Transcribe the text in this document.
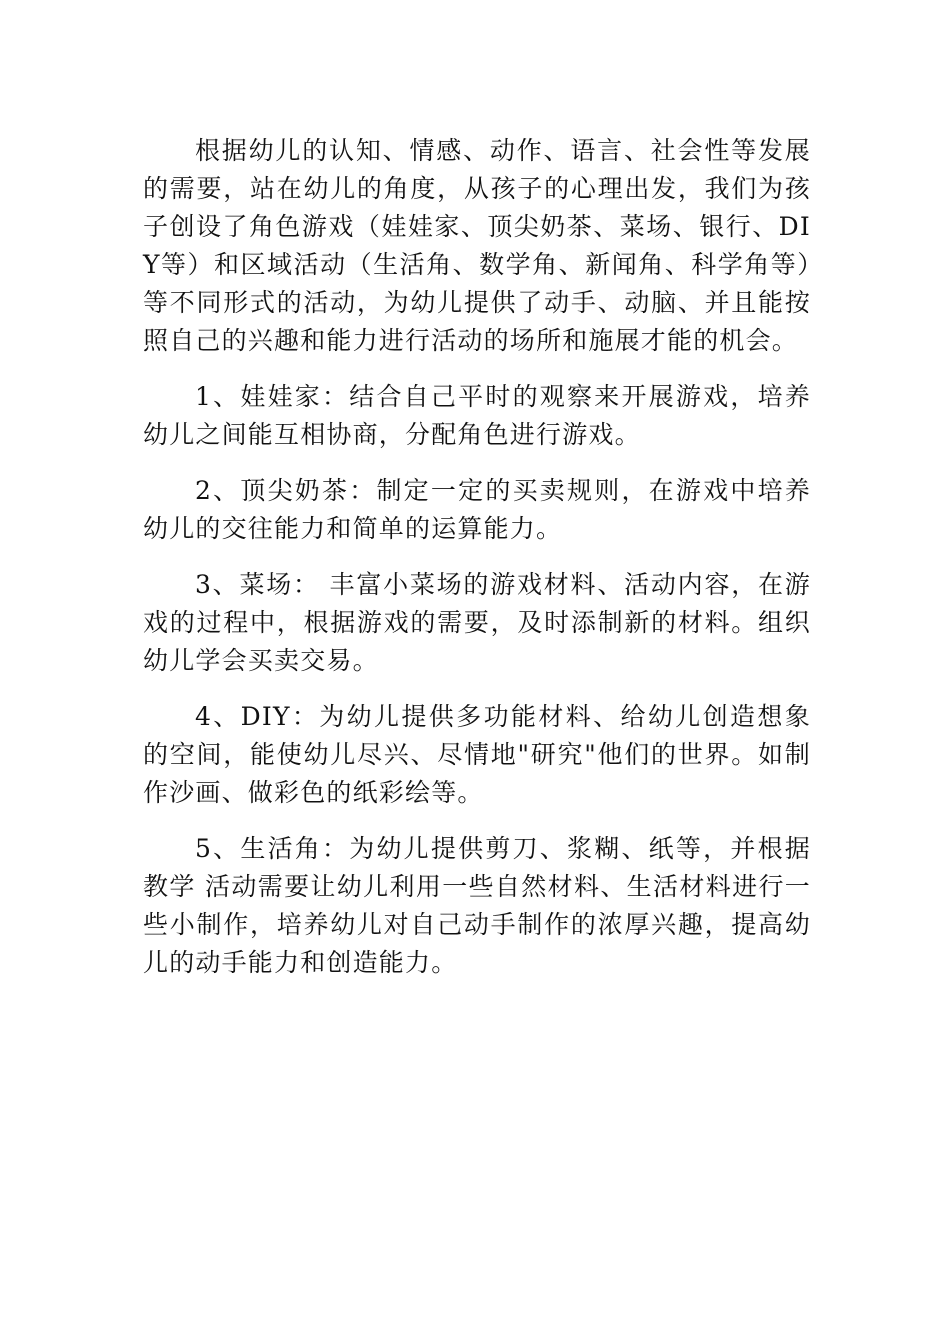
根据幼儿的认知、情感、动作、语言、社会性等发展的需要，站在幼儿的角度，从孩子的心理出发，我们为孩子创设了角色游戏（娃娃家、顶尖奶茶、菜场、银行、DIY等）和区域活动（生活角、数学角、新闻角、科学角等）等不同形式的活动，为幼儿提供了动手、动脑、并且能按照自己的兴趣和能力进行活动的场所和施展才能的机会。

1、娃娃家：结合自己平时的观察来开展游戏，培养幼儿之间能互相协商，分配角色进行游戏。

2、顶尖奶茶：制定一定的买卖规则，在游戏中培养幼儿的交往能力和简单的运算能力。

3、菜场： 丰富小菜场的游戏材料、活动内容，在游戏的过程中，根据游戏的需要，及时添制新的材料。组织幼儿学会买卖交易。

4、DIY：为幼儿提供多功能材料、给幼儿创造想象的空间，能使幼儿尽兴、尽情地"研究"他们的世界。如制作沙画、做彩色的纸彩绘等。

5、生活角：为幼儿提供剪刀、浆糊、纸等，并根据教学 活动需要让幼儿利用一些自然材料、生活材料进行一些小制作，培养幼儿对自己动手制作的浓厚兴趣，提高幼儿的动手能力和创造能力。
